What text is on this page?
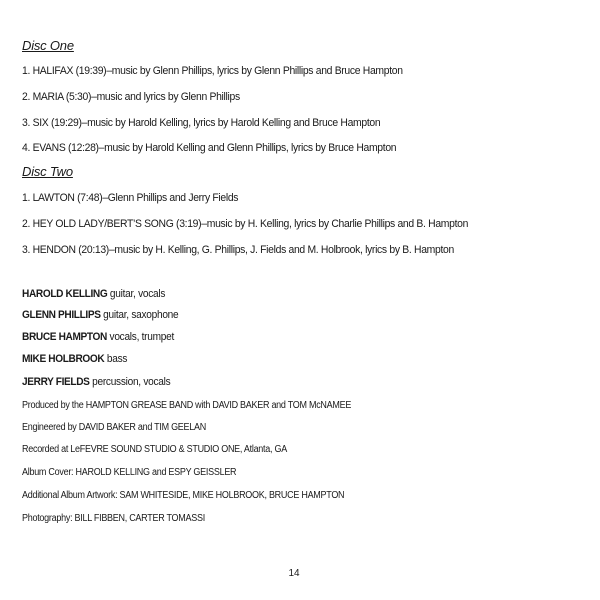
Disc One
1. HALIFAX (19:39)–music by Glenn Phillips, lyrics by Glenn Phillips and Bruce Hampton
2. MARIA (5:30)–music and lyrics by Glenn Phillips
3. SIX (19:29)–music by Harold Kelling, lyrics by Harold Kelling and Bruce Hampton
4. EVANS (12:28)–music by Harold Kelling and Glenn Phillips, lyrics by Bruce Hampton
Disc Two
1. LAWTON (7:48)–Glenn Phillips and Jerry Fields
2. HEY OLD LADY/BERT’S SONG (3:19)–music by H. Kelling, lyrics by Charlie Phillips and B. Hampton
3. HENDON (20:13)–music by H. Kelling, G. Phillips, J. Fields and M. Holbrook, lyrics by B. Hampton
HAROLD KELLING guitar, vocals
GLENN PHILLIPS guitar, saxophone
BRUCE HAMPTON vocals, trumpet
MIKE HOLBROOK bass
JERRY FIELDS percussion, vocals
Produced by the HAMPTON GREASE BAND with DAVID BAKER and TOM McNAMEE
Engineered by DAVID BAKER and TIM GEELAN
Recorded at LeFEVRE SOUND STUDIO & STUDIO ONE, Atlanta, GA
Album Cover: HAROLD KELLING and ESPY GEISSLER
Additional Album Artwork: SAM WHITESIDE, MIKE HOLBROOK, BRUCE HAMPTON
Photography: BILL FIBBEN, CARTER TOMASSI
14
